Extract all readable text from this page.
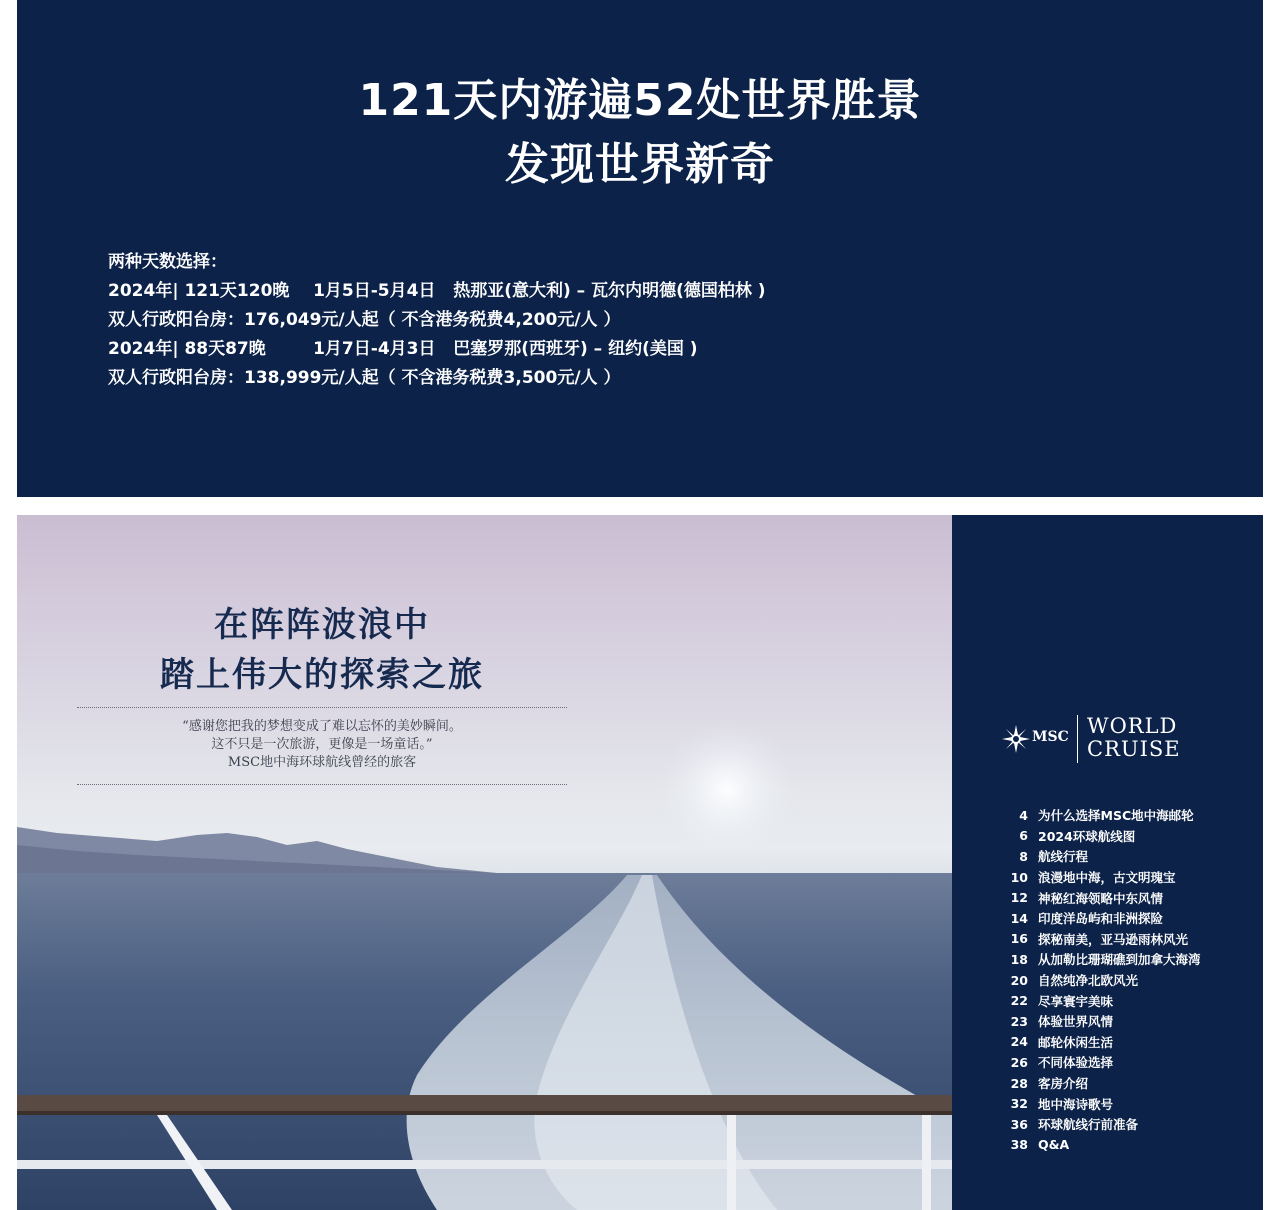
121天内游遍52处世界胜景
发现世界新奇
两种天数选择：
2024年| 121天120晚    1月5日-5月4日   热那亚(意大利) – 瓦尔内明德(德国柏林 )
双人行政阳台房：176,049元/人起（ 不含港务税费4,200元/人 ）
2024年| 88天87晚        1月7日-4月3日   巴塞罗那(西班牙) – 纽约(美国 )
双人行政阳台房：138,999元/人起（ 不含港务税费3,500元/人 ）
在阵阵波浪中
踏上伟大的探索之旅
“感谢您把我的梦想变成了难以忘怀的美妙瞬间。
这不只是一次旅游，更像是一场童话。”
MSC地中海环球航线曾经的旅客
MSC WORLD
CRUISE
4 为什么选择MSC地中海邮轮
6 2024环球航线图
8 航线行程
10 浪漫地中海，古文明瑰宝
12 神秘红海领略中东风情
14 印度洋岛屿和非洲探险
16 探秘南美，亚马逊雨林风光
18 从加勒比珊瑚礁到加拿大海湾
20 自然纯净北欧风光
22 尽享寰宇美味
23 体验世界风情
24 邮轮休闲生活
26 不同体验选择
28 客房介绍
32 地中海诗歌号
36 环球航线行前准备
38 Q&A
